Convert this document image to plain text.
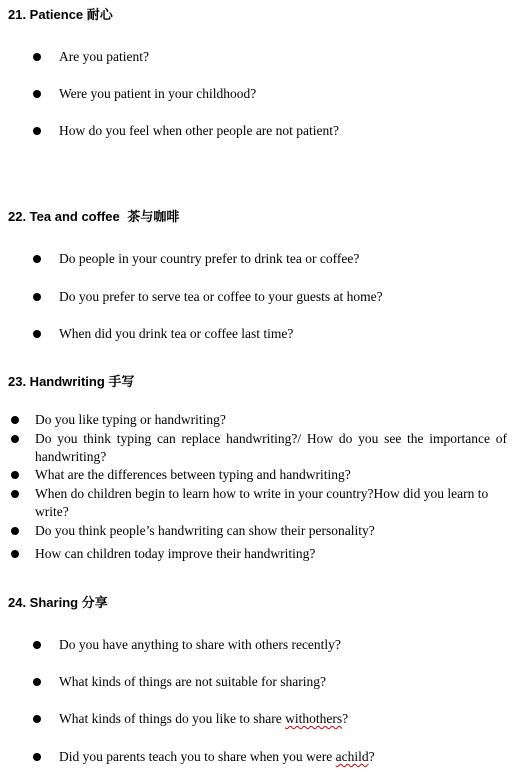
21. Patience 耐心
Are you patient?
Were you patient in your childhood?
How do you feel when other people are not patient?
22. Tea and coffee 茶与咖啡
Do people in your country prefer to drink tea or coffee?
Do you prefer to serve tea or coffee to your guests at home?
When did you drink tea or coffee last time?
23. Handwriting 手写
Do you like typing or handwriting?
Do you think typing can replace handwriting?/ How do you see the importance of handwriting?
What are the differences between typing and handwriting?
When do children begin to learn how to write in your country?How did you learn to write?
Do you think people’s handwriting can show their personality?
How can children today improve their handwriting?
24. Sharing 分享
Do you have anything to share with others recently?
What kinds of things are not suitable for sharing?
What kinds of things do you like to share withothers?
Did you parents teach you to share when you were achild?
